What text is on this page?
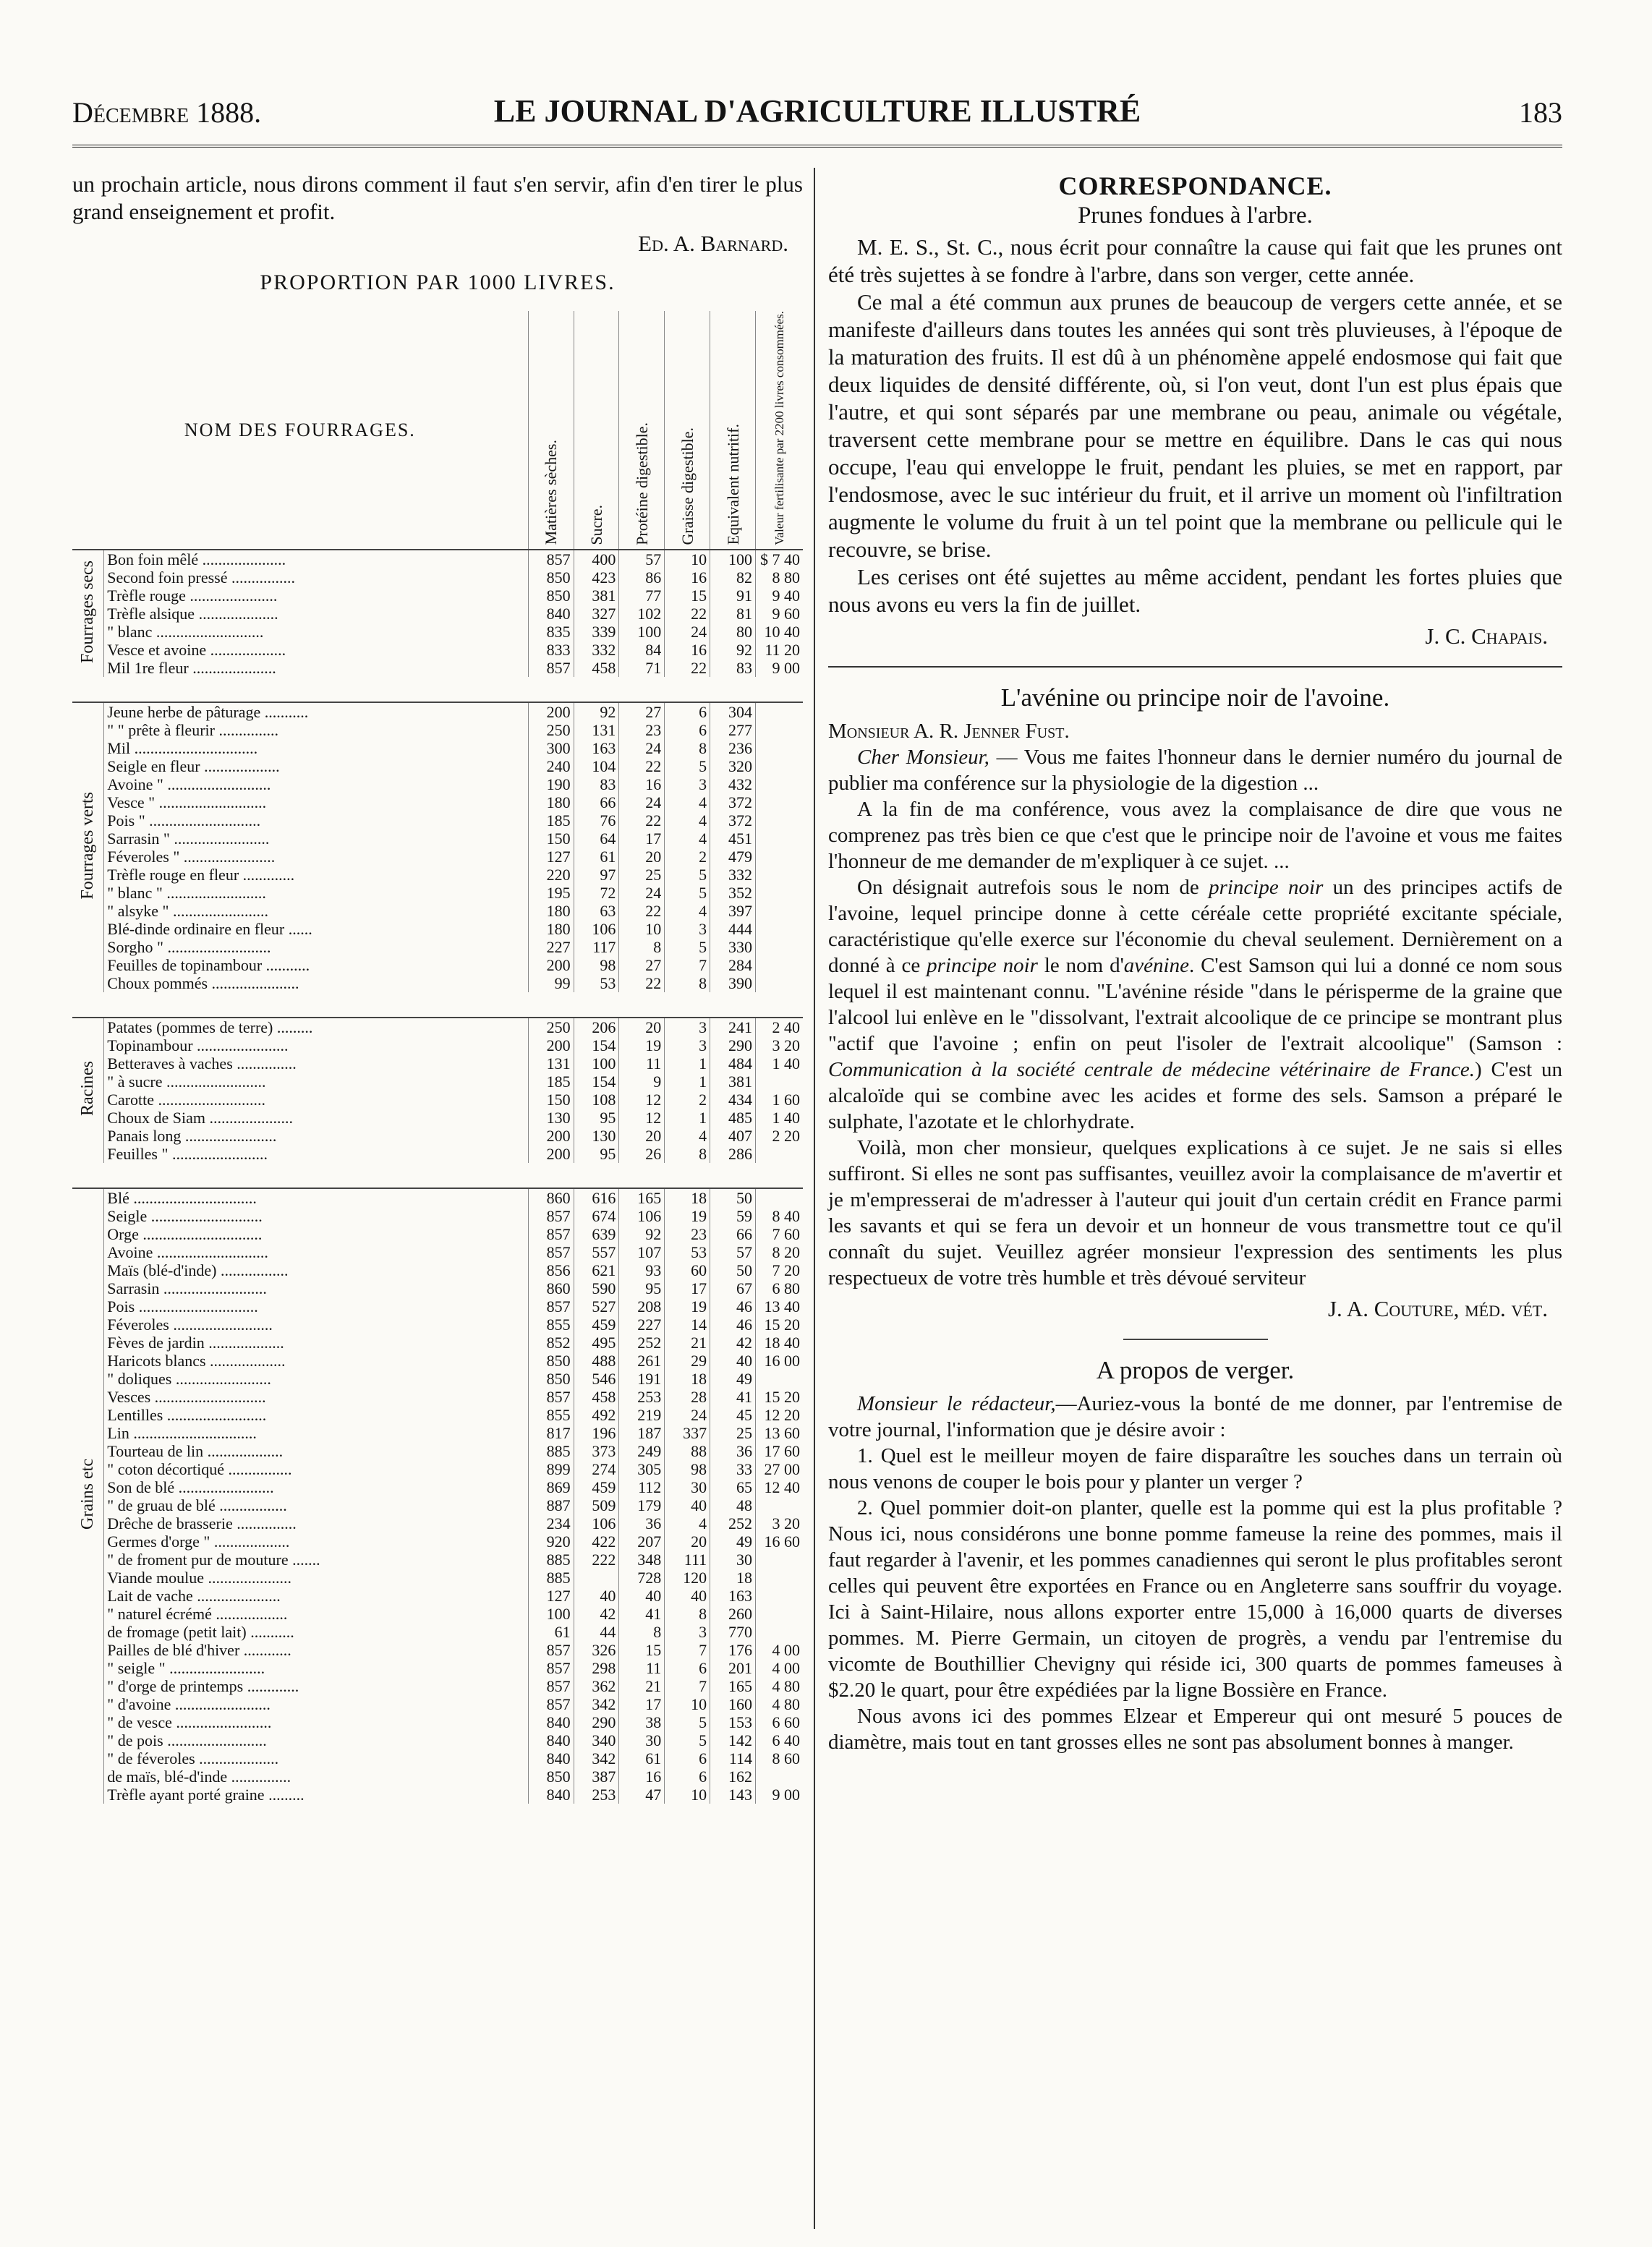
Décembre 1888.	LE JOURNAL D'AGRICULTURE ILLUSTRÉ	183

un prochain article, nous dirons comment il faut s'en servir, afin d'en tirer le plus grand enseignement et profit.

Ed. A. Barnard.

PROPORTION PAR 1000 LIVRES.

NOM DES FOURRAGES.		Matières sèches.	Sucre.	Protéine digestible.	Graisse digestible.	Equivalent nutritif.	Valeur fertilisante par 2200 livres consommées.
Fourrages secs	Bon foin mêlé .....................	857	400	57	10	100	$ 7 40
	Second foin pressé ................	850	423	86	16	82	8 80
	Trèfle rouge ......................	850	381	77	15	91	9 40
	Trèfle alsique ....................	840	327	102	22	81	9 60
	" blanc ...........................	835	339	100	24	80	10 40
	Vesce et avoine ...................	833	332	84	16	92	11 20
	Mil 1re fleur .....................	857	458	71	22	83	9 00

Fourrages verts	Jeune herbe de pâturage ...........	200	92	27	6	304	
	" " prête à fleurir ...............	250	131	23	6	277	
	Mil ...............................	300	163	24	8	236	
	Seigle en fleur ...................	240	104	22	5	320	
	Avoine " ..........................	190	83	16	3	432	
	Vesce " ...........................	180	66	24	4	372	
	Pois " ............................	185	76	22	4	372	
	Sarrasin " ........................	150	64	17	4	451	
	Féveroles " .......................	127	61	20	2	479	
	Trèfle rouge en fleur .............	220	97	25	5	332	
	" blanc " .........................	195	72	24	5	352	
	" alsyke " ........................	180	63	22	4	397	
	Blé-dinde ordinaire en fleur ......	180	106	10	3	444	
	Sorgho " ..........................	227	117	8	5	330	
	Feuilles de topinambour ...........	200	98	27	7	284	
	Choux pommés ......................	99	53	22	8	390	

Racines	Patates (pommes de terre) .........	250	206	20	3	241	2 40
	Topinambour .......................	200	154	19	3	290	3 20
	Betteraves à vaches ...............	131	100	11	1	484	1 40
	" à sucre .........................	185	154	9	1	381	
	Carotte ...........................	150	108	12	2	434	1 60
	Choux de Siam .....................	130	95	12	1	485	1 40
	Panais long .......................	200	130	20	4	407	2 20
	Feuilles " ........................	200	95	26	8	286	

Grains etc	Blé ...............................	860	616	165	18	50	
	Seigle ............................	857	674	106	19	59	8 40
	Orge ..............................	857	639	92	23	66	7 60
	Avoine ............................	857	557	107	53	57	8 20
	Maïs (blé-d'inde) .................	856	621	93	60	50	7 20
	Sarrasin ..........................	860	590	95	17	67	6 80
	Pois ..............................	857	527	208	19	46	13 40
	Féveroles .........................	855	459	227	14	46	15 20
	Fèves de jardin ...................	852	495	252	21	42	18 40
	Haricots blancs ...................	850	488	261	29	40	16 00
	" doliques ........................	850	546	191	18	49	
	Vesces ............................	857	458	253	28	41	15 20
	Lentilles .........................	855	492	219	24	45	12 20
	Lin ...............................	817	196	187	337	25	13 60
	Tourteau de lin ...................	885	373	249	88	36	17 60
	" coton décortiqué ................	899	274	305	98	33	27 00
	Son de blé ........................	869	459	112	30	65	12 40
	" de gruau de blé .................	887	509	179	40	48	
	Drêche de brasserie ...............	234	106	36	4	252	3 20
	Germes d'orge " ...................	920	422	207	20	49	16 60
	" de froment pur de mouture .......	885	222	348	111	30	
	Viande moulue .....................	885		728	120	18	
	Lait de vache .....................	127	40	40	40	163	
	" naturel écrémé ..................	100	42	41	8	260	
	de fromage (petit lait) ...........	61	44	8	3	770	
	Pailles de blé d'hiver ............	857	326	15	7	176	4 00
	" seigle " ........................	857	298	11	6	201	4 00
	" d'orge de printemps .............	857	362	21	7	165	4 80
	" d'avoine ........................	857	342	17	10	160	4 80
	" de vesce ........................	840	290	38	5	153	6 60
	" de pois .........................	840	340	30	5	142	6 40
	" de féveroles ....................	840	342	61	6	114	8 60
	de maïs, blé-d'inde ...............	850	387	16	6	162	
	Trèfle ayant porté graine .........	840	253	47	10	143	9 00

CORRESPONDANCE.

Prunes fondues à l'arbre.

M. E. S., St. C., nous écrit pour connaître la cause qui fait que les prunes ont été très sujettes à se fondre à l'arbre, dans son verger, cette année.

Ce mal a été commun aux prunes de beaucoup de vergers cette année, et se manifeste d'ailleurs dans toutes les années qui sont très pluvieuses, à l'époque de la maturation des fruits. Il est dû à un phénomène appelé endosmose qui fait que deux liquides de densité différente, où, si l'on veut, dont l'un est plus épais que l'autre, et qui sont séparés par une membrane ou peau, animale ou végétale, traversent cette membrane pour se mettre en équilibre. Dans le cas qui nous occupe, l'eau qui enveloppe le fruit, pendant les pluies, se met en rapport, par l'endosmose, avec le suc intérieur du fruit, et il arrive un moment où l'infiltration augmente le volume du fruit à un tel point que la membrane ou pellicule qui le recouvre, se brise.

Les cerises ont été sujettes au même accident, pendant les fortes pluies que nous avons eu vers la fin de juillet.

J. C. Chapais.

L'avénine ou principe noir de l'avoine.

Monsieur A. R. Jenner Fust.

Cher Monsieur, — Vous me faites l'honneur dans le dernier numéro du journal de publier ma conférence sur la physiologie de la digestion ...

A la fin de ma conférence, vous avez la complaisance de dire que vous ne comprenez pas très bien ce que c'est que le principe noir de l'avoine et vous me faites l'honneur de me demander de m'expliquer à ce sujet. ...

On désignait autrefois sous le nom de principe noir un des principes actifs de l'avoine, lequel principe donne à cette céréale cette propriété excitante spéciale, caractéristique qu'elle exerce sur l'économie du cheval seulement. Dernièrement on a donné à ce principe noir le nom d'avénine. C'est Samson qui lui a donné ce nom sous lequel il est maintenant connu. "L'avénine réside "dans le périsperme de la graine que l'alcool lui enlève en le "dissolvant, l'extrait alcoolique de ce principe se montrant plus "actif que l'avoine ; enfin on peut l'isoler de l'extrait alcoolique" (Samson : Communication à la société centrale de médecine vétérinaire de France.) C'est un alcaloïde qui se combine avec les acides et forme des sels. Samson a préparé le sulphate, l'azotate et le chlorhydrate.

Voilà, mon cher monsieur, quelques explications à ce sujet. Je ne sais si elles suffiront. Si elles ne sont pas suffisantes, veuillez avoir la complaisance de m'avertir et je m'empresserai de m'adresser à l'auteur qui jouit d'un certain crédit en France parmi les savants et qui se fera un devoir et un honneur de vous transmettre tout ce qu'il connaît du sujet. Veuillez agréer monsieur l'expression des sentiments les plus respectueux de votre très humble et très dévoué serviteur

J. A. Couture, méd. vét.

A propos de verger.

Monsieur le rédacteur,—Auriez-vous la bonté de me donner, par l'entremise de votre journal, l'information que je désire avoir :

1. Quel est le meilleur moyen de faire disparaître les souches dans un terrain où nous venons de couper le bois pour y planter un verger ?

2. Quel pommier doit-on planter, quelle est la pomme qui est la plus profitable ? Nous ici, nous considérons une bonne pomme fameuse la reine des pommes, mais il faut regarder à l'avenir, et les pommes canadiennes qui seront le plus profitables seront celles qui peuvent être exportées en France ou en Angleterre sans souffrir du voyage. Ici à Saint-Hilaire, nous allons exporter entre 15,000 à 16,000 quarts de diverses pommes. M. Pierre Germain, un citoyen de progrès, a vendu par l'entremise du vicomte de Bouthillier Chevigny qui réside ici, 300 quarts de pommes fameuses à $2.20 le quart, pour être expédiées par la ligne Bossière en France.

Nous avons ici des pommes Elzear et Empereur qui ont mesuré 5 pouces de diamètre, mais tout en tant grosses elles ne sont pas absolument bonnes à manger.
